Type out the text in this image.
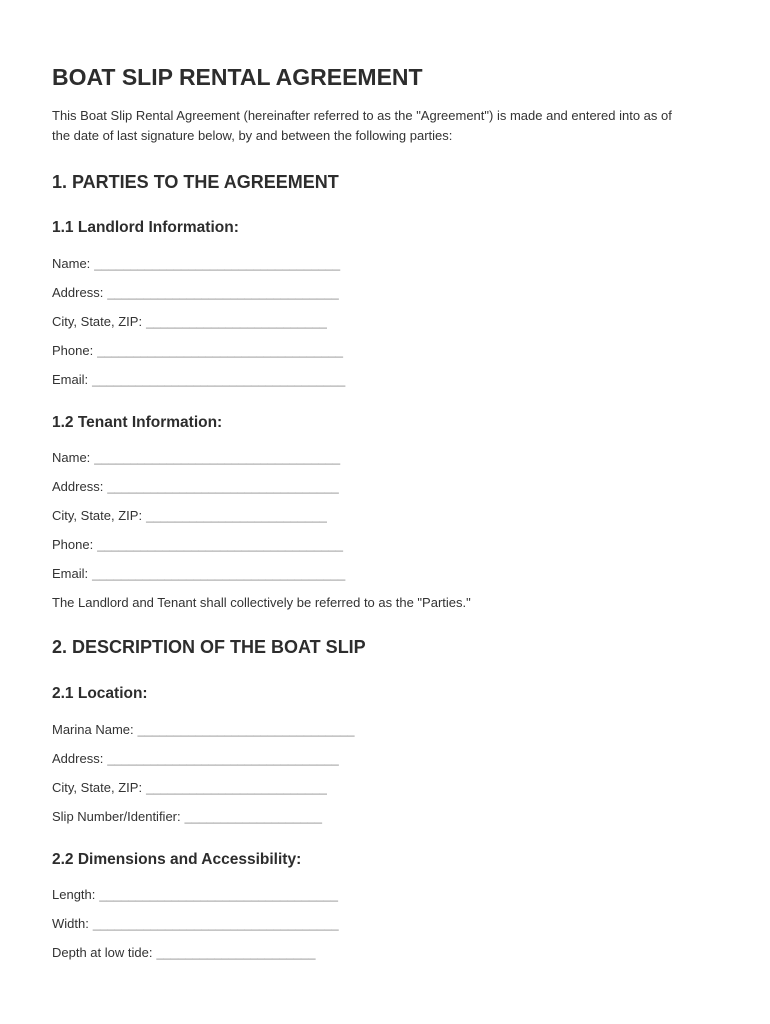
BOAT SLIP RENTAL AGREEMENT

This Boat Slip Rental Agreement (hereinafter referred to as the "Agreement") is made and entered into as of the date of last signature below, by and between the following parties:

1. PARTIES TO THE AGREEMENT
1.1 Landlord Information:

Name: __________________________________

Address: ________________________________

City, State, ZIP: _________________________

Phone: __________________________________

Email: ___________________________________

1.2 Tenant Information:

Name: __________________________________

Address: ________________________________

City, State, ZIP: _________________________

Phone: __________________________________

Email: ___________________________________

The Landlord and Tenant shall collectively be referred to as the "Parties."

2. DESCRIPTION OF THE BOAT SLIP
2.1 Location:

Marina Name: ______________________________

Address: ________________________________

City, State, ZIP: _________________________

Slip Number/Identifier: ___________________

2.2 Dimensions and Accessibility:

Length: _________________________________

Width: __________________________________

Depth at low tide: ______________________
